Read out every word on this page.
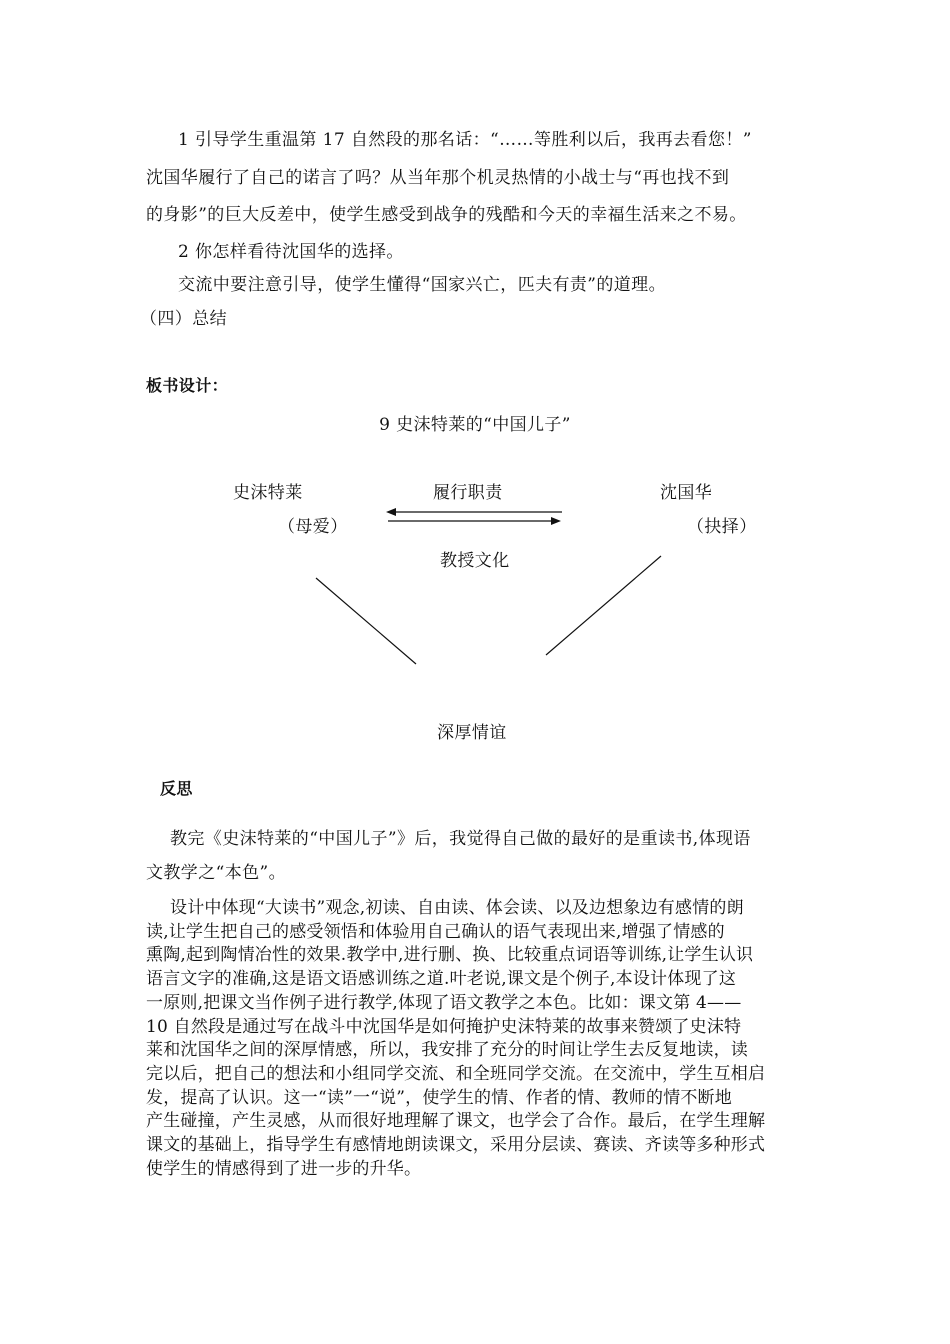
1 引导学生重温第 17 自然段的那名话：“……等胜利以后，我再去看您！”
沈国华履行了自己的诺言了吗？从当年那个机灵热情的小战士与“再也找不到
的身影”的巨大反差中，使学生感受到战争的残酷和今天的幸福生活来之不易。
2 你怎样看待沈国华的选择。
交流中要注意引导，使学生懂得“国家兴亡，匹夫有责”的道理。
（四）总结
板书设计：
9 史沫特莱的“中国儿子”
史沫特莱
（母爱）
履行职责
教授文化
沈国华
（抉择）
深厚情谊
反思
教完《史沫特莱的“中国儿子”》后，我觉得自己做的最好的是重读书,体现语
文教学之“本色”。
设计中体现“大读书”观念,初读、自由读、体会读、以及边想象边有感情的朗
读,让学生把自己的感受领悟和体验用自己确认的语气表现出来,增强了情感的
熏陶,起到陶情冶性的效果.教学中,进行删、换、比较重点词语等训练,让学生认识
语言文字的准确,这是语文语感训练之道.叶老说,课文是个例子,本设计体现了这
一原则,把课文当作例子进行教学,体现了语文教学之本色。比如：课文第 4——
10 自然段是通过写在战斗中沈国华是如何掩护史沫特莱的故事来赞颂了史沫特
莱和沈国华之间的深厚情感，所以，我安排了充分的时间让学生去反复地读，读
完以后，把自己的想法和小组同学交流、和全班同学交流。在交流中，学生互相启
发，提高了认识。这一“读”一“说”，使学生的情、作者的情、教师的情不断地
产生碰撞，产生灵感，从而很好地理解了课文，也学会了合作。最后，在学生理解
课文的基础上，指导学生有感情地朗读课文，采用分层读、赛读、齐读等多种形式
使学生的情感得到了进一步的升华。
